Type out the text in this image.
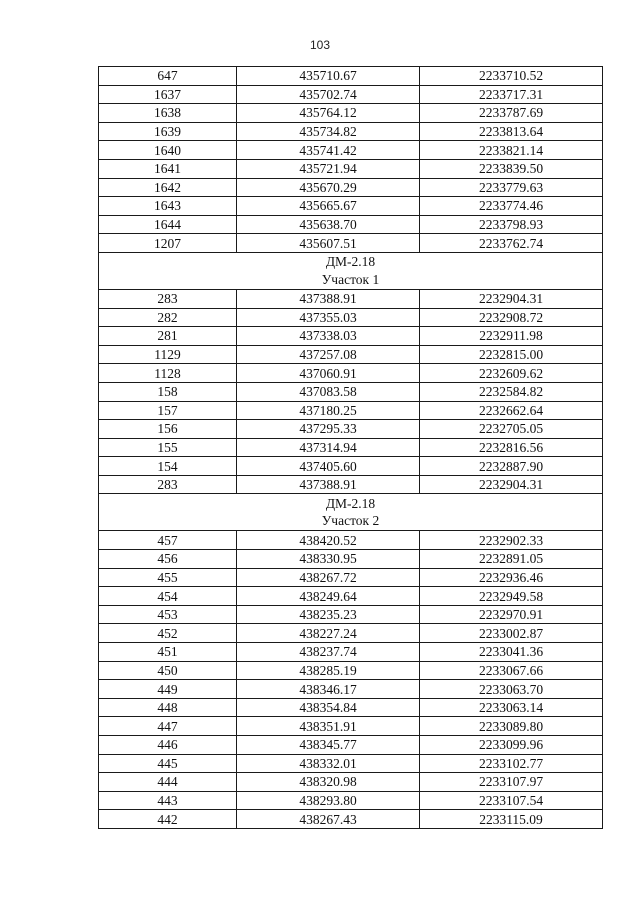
103
647	435710.67	2233710.52
1637	435702.74	2233717.31
1638	435764.12	2233787.69
1639	435734.82	2233813.64
1640	435741.42	2233821.14
1641	435721.94	2233839.50
1642	435670.29	2233779.63
1643	435665.67	2233774.46
1644	435638.70	2233798.93
1207	435607.51	2233762.74

ДМ-2.18
Участок 1		

283	437388.91	2232904.31
282	437355.03	2232908.72
281	437338.03	2232911.98
1129	437257.08	2232815.00
1128	437060.91	2232609.62
158	437083.58	2232584.82
157	437180.25	2232662.64
156	437295.33	2232705.05
155	437314.94	2232816.56
154	437405.60	2232887.90
283	437388.91	2232904.31

ДМ-2.18
Участок 2		

457	438420.52	2232902.33
456	438330.95	2232891.05
455	438267.72	2232936.46
454	438249.64	2232949.58
453	438235.23	2232970.91
452	438227.24	2233002.87
451	438237.74	2233041.36
450	438285.19	2233067.66
449	438346.17	2233063.70
448	438354.84	2233063.14
447	438351.91	2233089.80
446	438345.77	2233099.96
445	438332.01	2233102.77
444	438320.98	2233107.97
443	438293.80	2233107.54
442	438267.43	2233115.09
